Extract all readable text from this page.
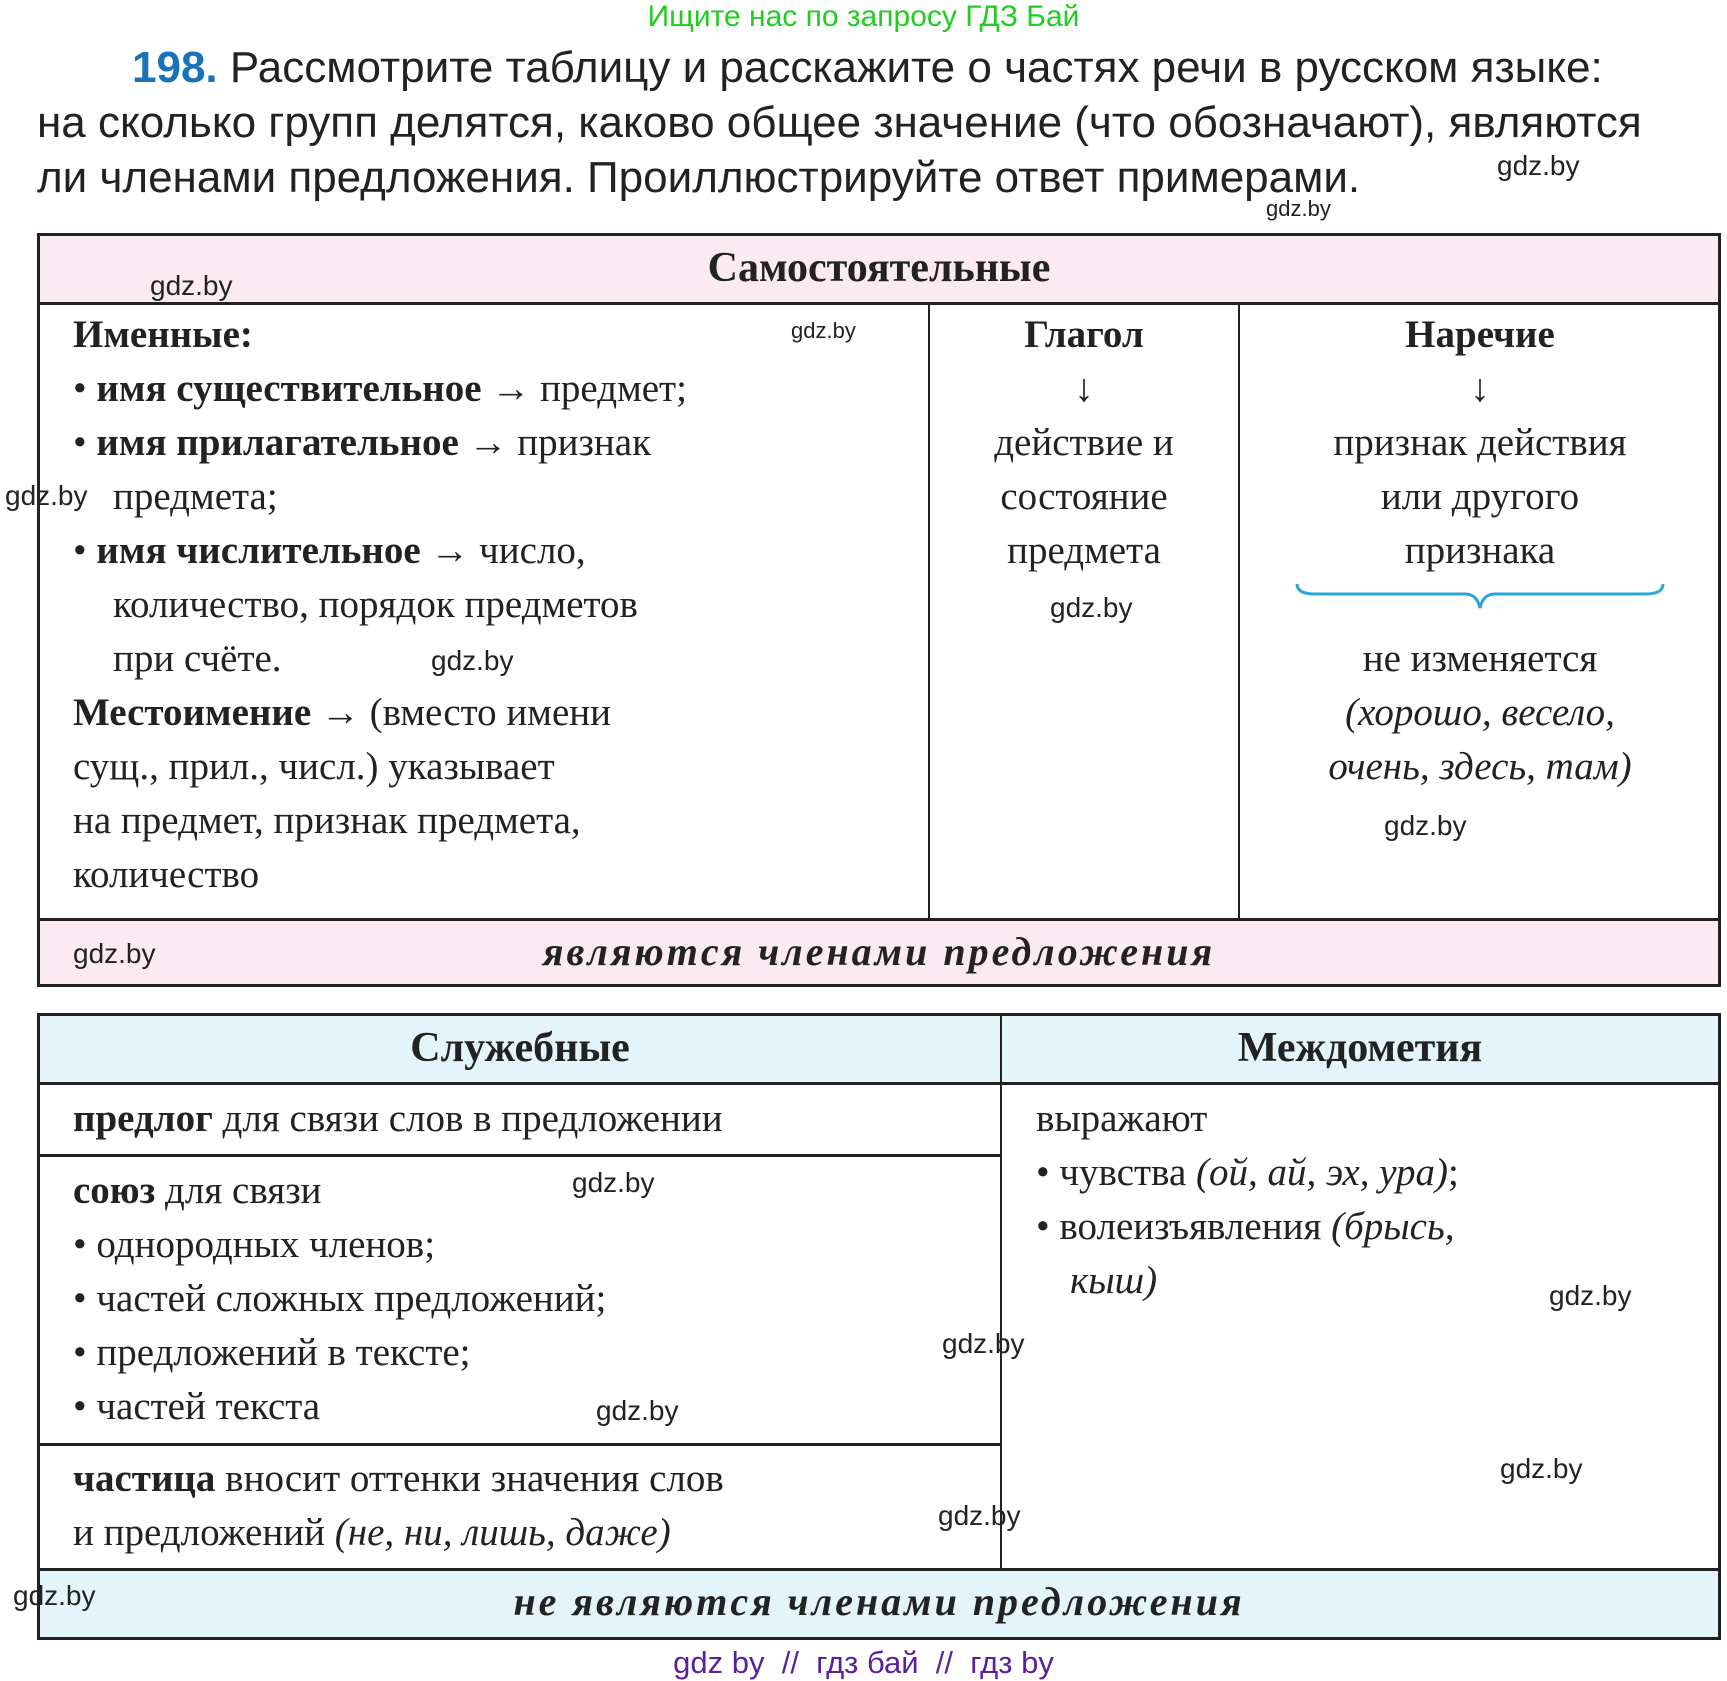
Ищите нас по запросу ГДЗ Бай
198. Рассмотрите таблицу и расскажите о частях речи в русском языке:
на сколько групп делятся, каково общее значение (что обозначают), являются
ли членами предложения. Проиллюстрируйте ответ примерами.
Самостоятельные
являются членами предложения
Именные:
• имя существительное → предмет;
• имя прилагательное → признак
предмета;
• имя числительное → число,
количество, порядок предметов
при счёте.
Местоимение → (вместо имени
сущ., прил., числ.) указывает
на предмет, признак предмета,
количество
Глагол
↓
действие и
состояние
предмета
Наречие
↓
признак действия
или другого
признака
не изменяется
(хорошо, весело,
очень, здесь, там)
Служебные	Междометия
не являются членами предложения
предлог для связи слов в предложении
союз для связи
• однородных членов;
• частей сложных предложений;
• предложений в тексте;
• частей текста
частица вносит оттенки значения слов
и предложений (не, ни, лишь, даже)
выражают
• чувства (ой, ай, эх, ура);
• волеизъявления (брысь,
кыш)
gdz.by
gdz.by
gdz.by
gdz.by
gdz.by
gdz.by
gdz.by
gdz.by
gdz.by
gdz.by
gdz.by
gdz.by
gdz.by
gdz.by
gdz.by
gdz.by
gdz by  //  гдз бай  //  гдз by
